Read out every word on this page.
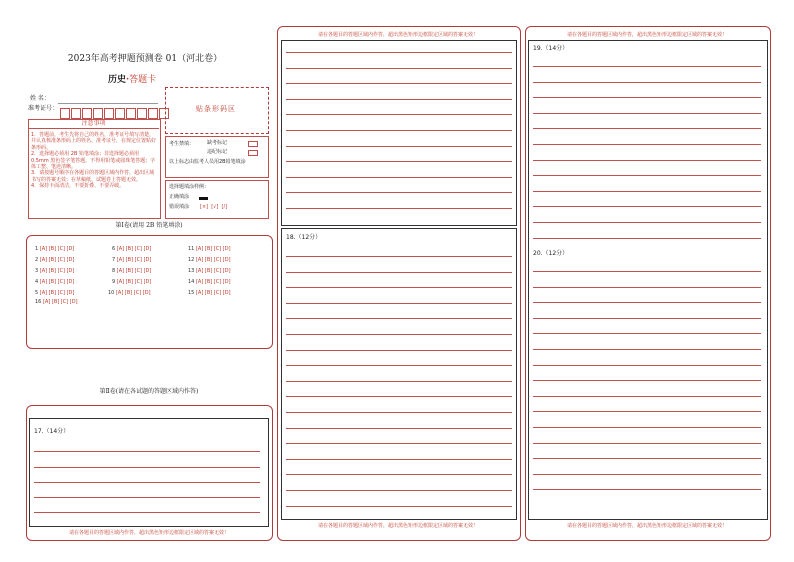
2023年高考押题预测卷 01（河北卷）
历史·答题卡
姓 名：
准考证号：	贴条形码区
注意事项
1．答题前，考生先将自己的姓名，准考证号填写清楚，并认真核准条形码上的姓名、准考证号，在规定位置贴好条形码。
2．选择题必须用 2B 铅笔填涂；非选择题必须用 0.5mm 黑色签字笔答题，不得用铅笔或圆珠笔答题；字体工整、笔迹清晰。
3．请按题号顺序在各题目的答题区域内作答，超出区域书写的答案无效；在草稿纸、试题卷上答题无效。
4．保持卡面清洁，不要折叠、不要弄破。
考生禁填：	缺考标记
违纪标记
以上标志由监考人员用2B铅笔填涂
选择题填涂样例：
正确填涂
错误填涂 [×]  [√]  [/]
第Ⅰ卷(请用 2B 铅笔填涂)
1 [A] [B] [C] [D]
2 [A] [B] [C] [D]
3 [A] [B] [C] [D]
4 [A] [B] [C] [D]
5 [A] [B] [C] [D]
16 [A] [B] [C] [D]
6 [A] [B] [C] [D]
7 [A] [B] [C] [D]
8 [A] [B] [C] [D]
9 [A] [B] [C] [D]
10 [A] [B] [C] [D]
11 [A] [B] [C] [D]
12 [A] [B] [C] [D]
13 [A] [B] [C] [D]
14 [A] [B] [C] [D]
15 [A] [B] [C] [D]
第Ⅱ卷(请在各试题的答题区域内作答)
17.（14分）
请在各题目的答题区域内作答，超出黑色矩形边框限定区域的答案无效！
请在各题目的答题区域内作答，超出黑色矩形边框限定区域的答案无效！
18.（12分）
请在各题目的答题区域内作答，超出黑色矩形边框限定区域的答案无效！
请在各题目的答题区域内作答，超出黑色矩形边框限定区域的答案无效！
19.（14分）
20.（12分）
请在各题目的答题区域内作答，超出黑色矩形边框限定区域的答案无效！
